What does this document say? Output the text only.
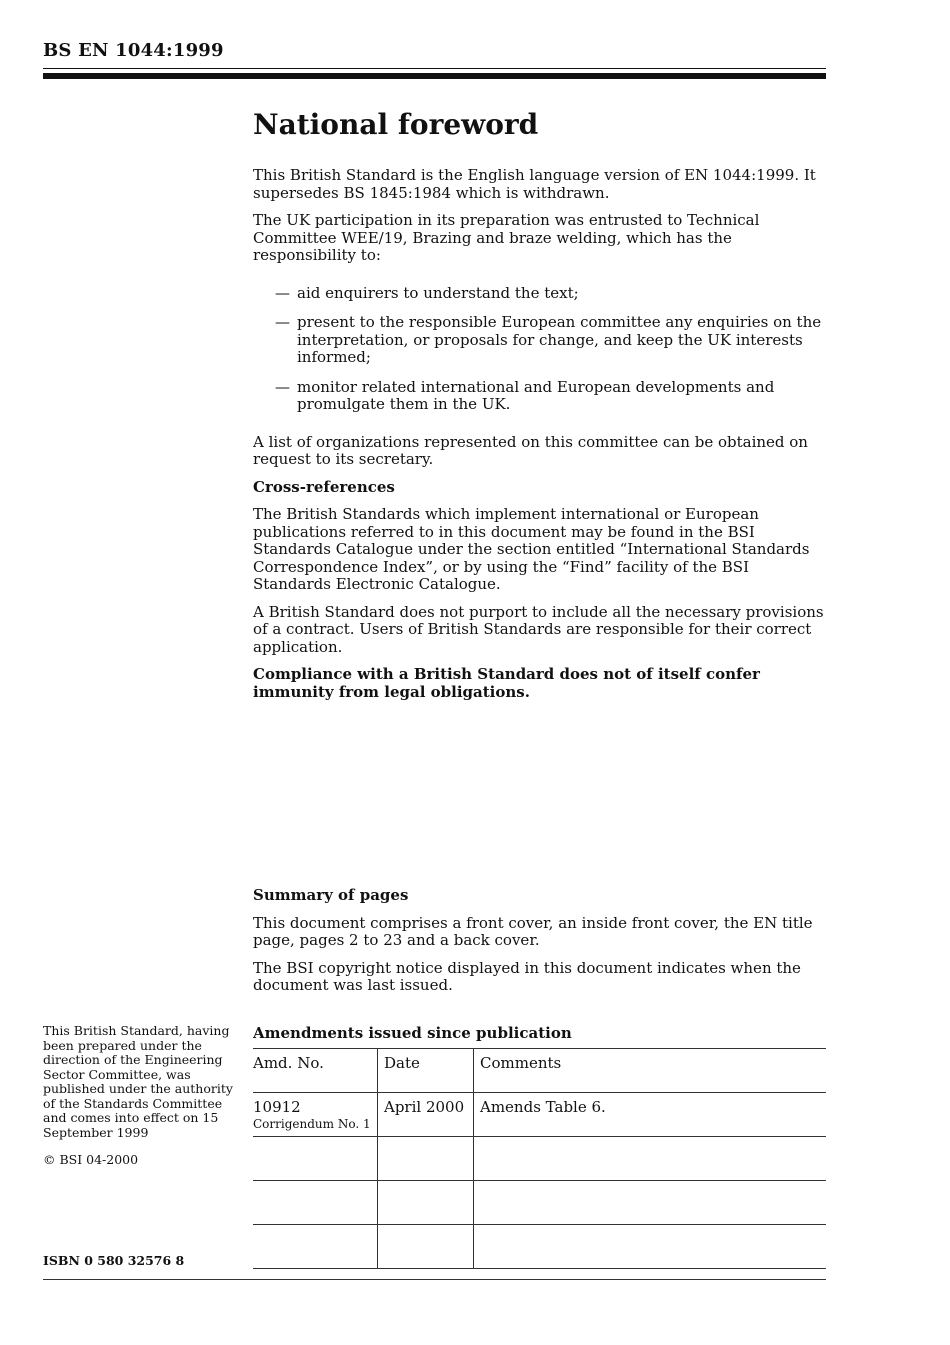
BS EN 1044:1999
National foreword

This British Standard is the English language version of EN 1044:1999. It supersedes BS 1845:1984 which is withdrawn.

The UK participation in its preparation was entrusted to Technical Committee WEE/19, Brazing and braze welding, which has the responsibility to:

— aid enquirers to understand the text;
— present to the responsible European committee any enquiries on the interpretation, or proposals for change, and keep the UK interests informed;
— monitor related international and European developments and promulgate them in the UK.

A list of organizations represented on this committee can be obtained on request to its secretary.

Cross-references

The British Standards which implement international or European publications referred to in this document may be found in the BSI Standards Catalogue under the section entitled “International Standards Correspondence Index”, or by using the “Find” facility of the BSI Standards Electronic Catalogue.

A British Standard does not purport to include all the necessary provisions of a contract. Users of British Standards are responsible for their correct application.

Compliance with a British Standard does not of itself confer immunity from legal obligations.

Summary of pages

This document comprises a front cover, an inside front cover, the EN title page, pages 2 to 23 and a back cover.

The BSI copyright notice displayed in this document indicates when the document was last issued.

This British Standard, having been prepared under the direction of the Engineering Sector Committee, was published under the authority of the Standards Committee and comes into effect on 15 September 1999
© BSI 04-2000
ISBN 0 580 32576 8
Amendments issued since publication
Amd. No.	Date	Comments
10912
Corrigendum No. 1	April 2000	Amends Table 6.
